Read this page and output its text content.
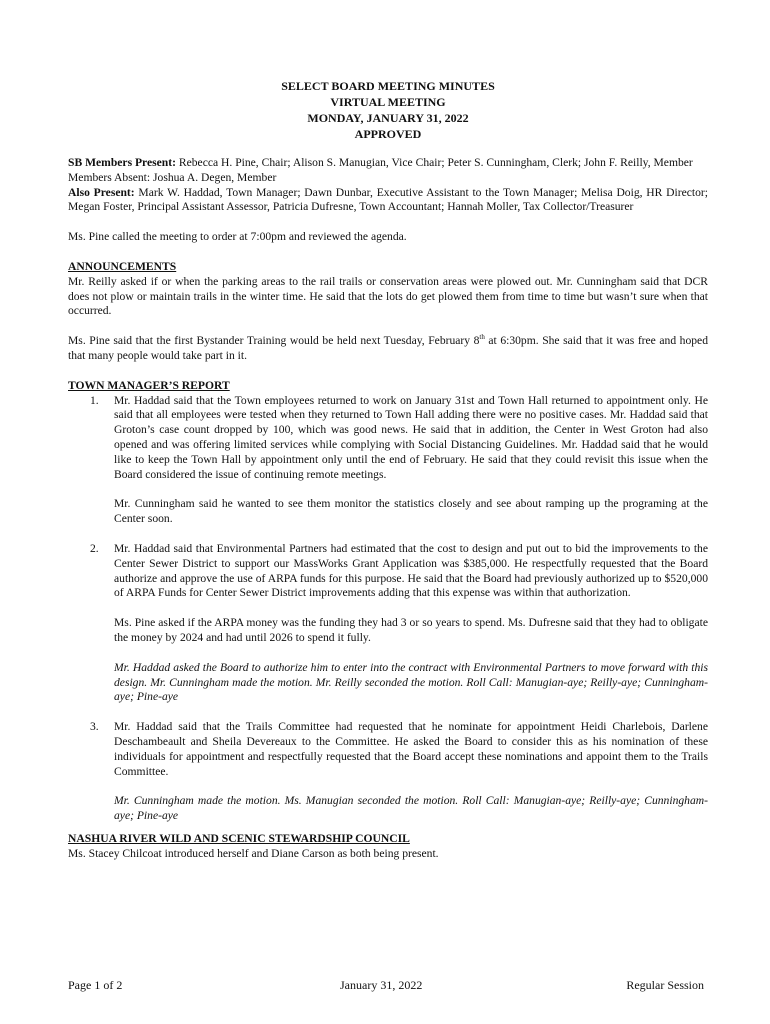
SELECT BOARD MEETING MINUTES
VIRTUAL MEETING
MONDAY, JANUARY 31, 2022
APPROVED

SB Members Present: Rebecca H. Pine, Chair; Alison S. Manugian, Vice Chair; Peter S. Cunningham, Clerk; John F. Reilly, Member

Members Absent: Joshua A. Degen, Member

Also Present: Mark W. Haddad, Town Manager; Dawn Dunbar, Executive Assistant to the Town Manager; Melisa Doig, HR Director; Megan Foster, Principal Assistant Assessor, Patricia Dufresne, Town Accountant; Hannah Moller, Tax Collector/Treasurer

Ms. Pine called the meeting to order at 7:00pm and reviewed the agenda.

ANNOUNCEMENTS

Mr. Reilly asked if or when the parking areas to the rail trails or conservation areas were plowed out. Mr. Cunningham said that DCR does not plow or maintain trails in the winter time. He said that the lots do get plowed them from time to time but wasn’t sure when that occurred.

Ms. Pine said that the first Bystander Training would be held next Tuesday, February 8th at 6:30pm. She said that it was free and hoped that many people would take part in it.

TOWN MANAGER’S REPORT
1. Mr. Haddad said that the Town employees returned to work on January 31st and Town Hall returned to appointment only. He said that all employees were tested when they returned to Town Hall adding there were no positive cases. Mr. Haddad said that Groton’s case count dropped by 100, which was good news. He said that in addition, the Center in West Groton had also opened and was offering limited services while complying with Social Distancing Guidelines. Mr. Haddad said that he would like to keep the Town Hall by appointment only until the end of February. He said that they could revisit this issue when the Board considered the issue of continuing remote meetings.

Mr. Cunningham said he wanted to see them monitor the statistics closely and see about ramping up the programing at the Center soon.

2. Mr. Haddad said that Environmental Partners had estimated that the cost to design and put out to bid the improvements to the Center Sewer District to support our MassWorks Grant Application was $385,000. He respectfully requested that the Board authorize and approve the use of ARPA funds for this purpose. He said that the Board had previously authorized up to $520,000 of ARPA Funds for Center Sewer District improvements adding that this expense was within that authorization.

Ms. Pine asked if the ARPA money was the funding they had 3 or so years to spend. Ms. Dufresne said that they had to obligate the money by 2024 and had until 2026 to spend it fully.

Mr. Haddad asked the Board to authorize him to enter into the contract with Environmental Partners to move forward with this design. Mr. Cunningham made the motion. Mr. Reilly seconded the motion. Roll Call: Manugian-aye; Reilly-aye; Cunningham-aye; Pine-aye

3. Mr. Haddad said that the Trails Committee had requested that he nominate for appointment Heidi Charlebois, Darlene Deschambeault and Sheila Devereaux to the Committee. He asked the Board to consider this as his nomination of these individuals for appointment and respectfully requested that the Board accept these nominations and appoint them to the Trails Committee.

Mr. Cunningham made the motion. Ms. Manugian seconded the motion. Roll Call: Manugian-aye; Reilly-aye; Cunningham-aye; Pine-aye

NASHUA RIVER WILD AND SCENIC STEWARDSHIP COUNCIL

Ms. Stacey Chilcoat introduced herself and Diane Carson as both being present.

Page 1 of 2	January 31, 2022	Regular Session
